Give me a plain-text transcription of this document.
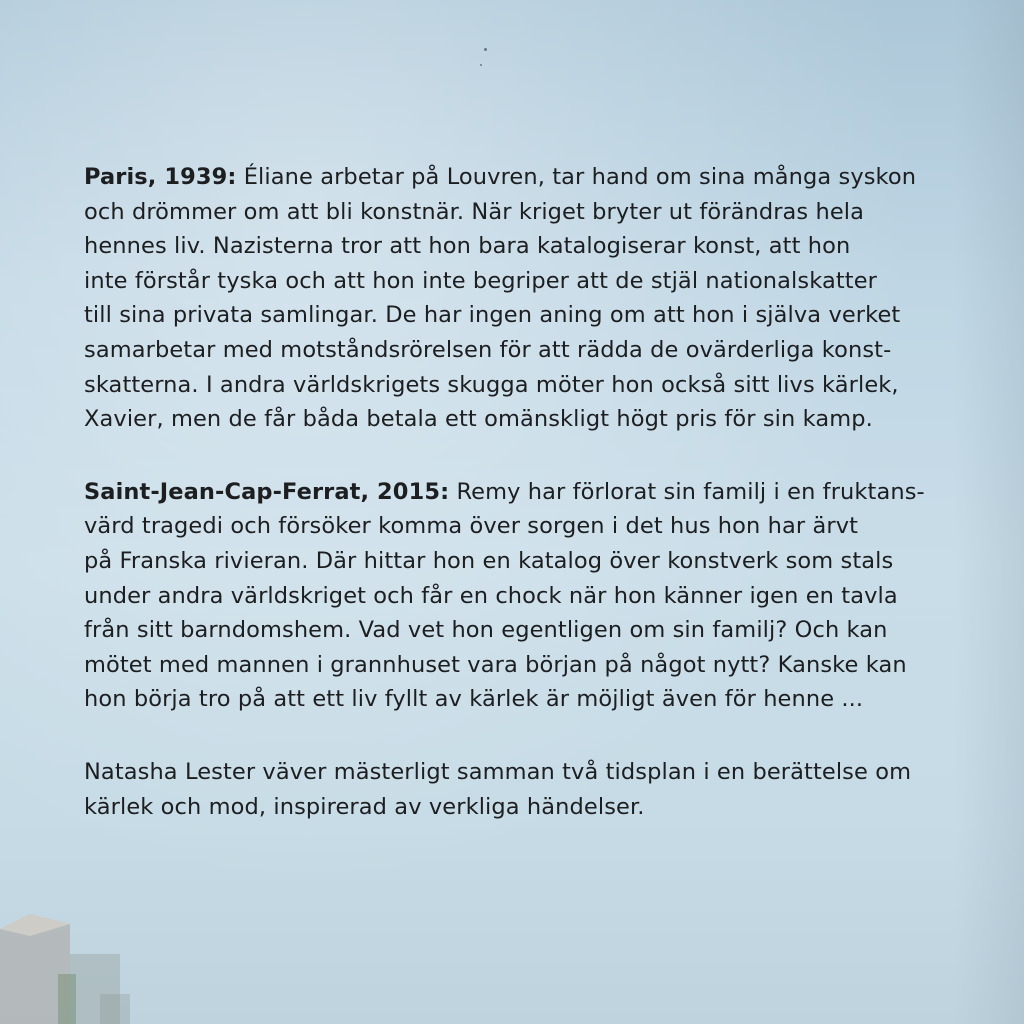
Paris, 1939: Éliane arbetar på Louvren, tar hand om sina många syskon
och drömmer om att bli konstnär. När kriget bryter ut förändras hela
hennes liv. Nazisterna tror att hon bara katalogiserar konst, att hon
inte förstår tyska och att hon inte begriper att de stjäl nationalskatter
till sina privata samlingar. De har ingen aning om att hon i själva verket
samarbetar med motståndsrörelsen för att rädda de ovärderliga konst-
skatterna. I andra världskrigets skugga möter hon också sitt livs kärlek,
Xavier, men de får båda betala ett omänskligt högt pris för sin kamp.

Saint-Jean-Cap-Ferrat, 2015: Remy har förlorat sin familj i en fruktans-
värd tragedi och försöker komma över sorgen i det hus hon har ärvt
på Franska rivieran. Där hittar hon en katalog över konstverk som stals
under andra världskriget och får en chock när hon känner igen en tavla
från sitt barndomshem. Vad vet hon egentligen om sin familj? Och kan
mötet med mannen i grannhuset vara början på något nytt? Kanske kan
hon börja tro på att ett liv fyllt av kärlek är möjligt även för henne ...

Natasha Lester väver mästerligt samman två tidsplan i en berättelse om
kärlek och mod, inspirerad av verkliga händelser.
